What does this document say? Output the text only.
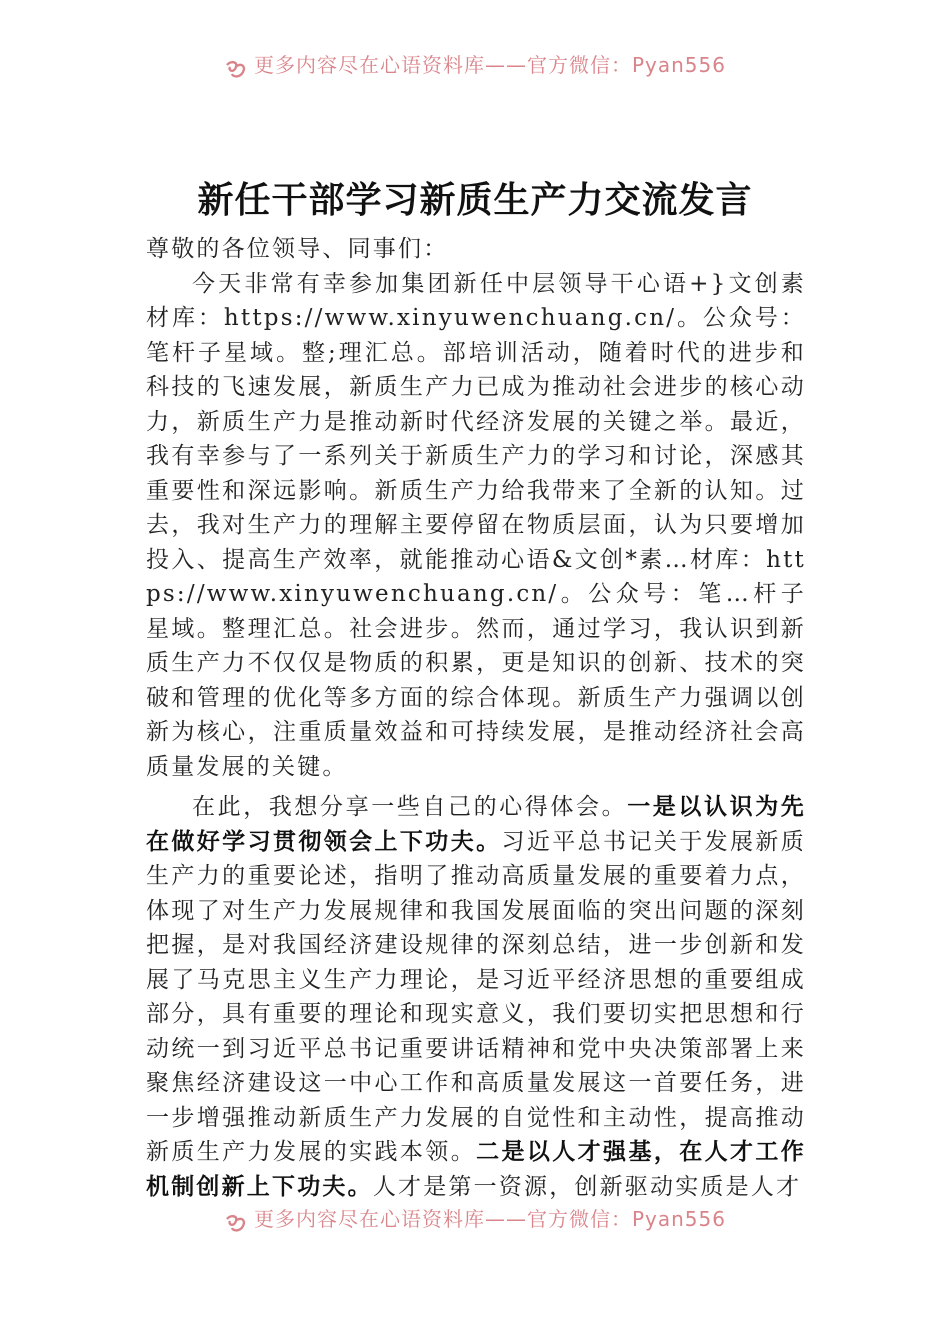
更多内容尽在心语资料库——官方微信：Pyan556
新任干部学习新质生产力交流发言

尊敬的各位领导、同事们：

今天非常有幸参加集团新任中层领导干心语+}文创素材库：https://www.xinyuwenchuang.cn/。公众号：笔杆子星域。整;理汇总。部培训活动，随着时代的进步和科技的飞速发展，新质生产力已成为推动社会进步的核心动力，新质生产力是推动新时代经济发展的关键之举。最近，我有幸参与了一系列关于新质生产力的学习和讨论，深感其重要性和深远影响。新质生产力给我带来了全新的认知。过去，我对生产力的理解主要停留在物质层面，认为只要增加投入、提高生产效率，就能推动心语&文创*素…材库：https://www.xinyuwenchuang.cn/。公众号：笔…杆子星域。整理汇总。社会进步。然而，通过学习，我认识到新质生产力不仅仅是物质的积累，更是知识的创新、技术的突破和管理的优化等多方面的综合体现。新质生产力强调以创新为核心，注重质量效益和可持续发展，是推动经济社会高质量发展的关键。

在此，我想分享一些自己的心得体会。一是以认识为先在做好学习贯彻领会上下功夫。习近平总书记关于发展新质生产力的重要论述，指明了推动高质量发展的重要着力点，体现了对生产力发展规律和我国发展面临的突出问题的深刻把握，是对我国经济建设规律的深刻总结，进一步创新和发展了马克思主义生产力理论，是习近平经济思想的重要组成部分，具有重要的理论和现实意义，我们要切实把思想和行动统一到习近平总书记重要讲话精神和党中央决策部署上来聚焦经济建设这一中心工作和高质量发展这一首要任务，进一步增强推动新质生产力发展的自觉性和主动性，提高推动新质生产力发展的实践本领。二是以人才强基，在人才工作机制创新上下功夫。人才是第一资源，创新驱动实质是人才

更多内容尽在心语资料库——官方微信：Pyan556
